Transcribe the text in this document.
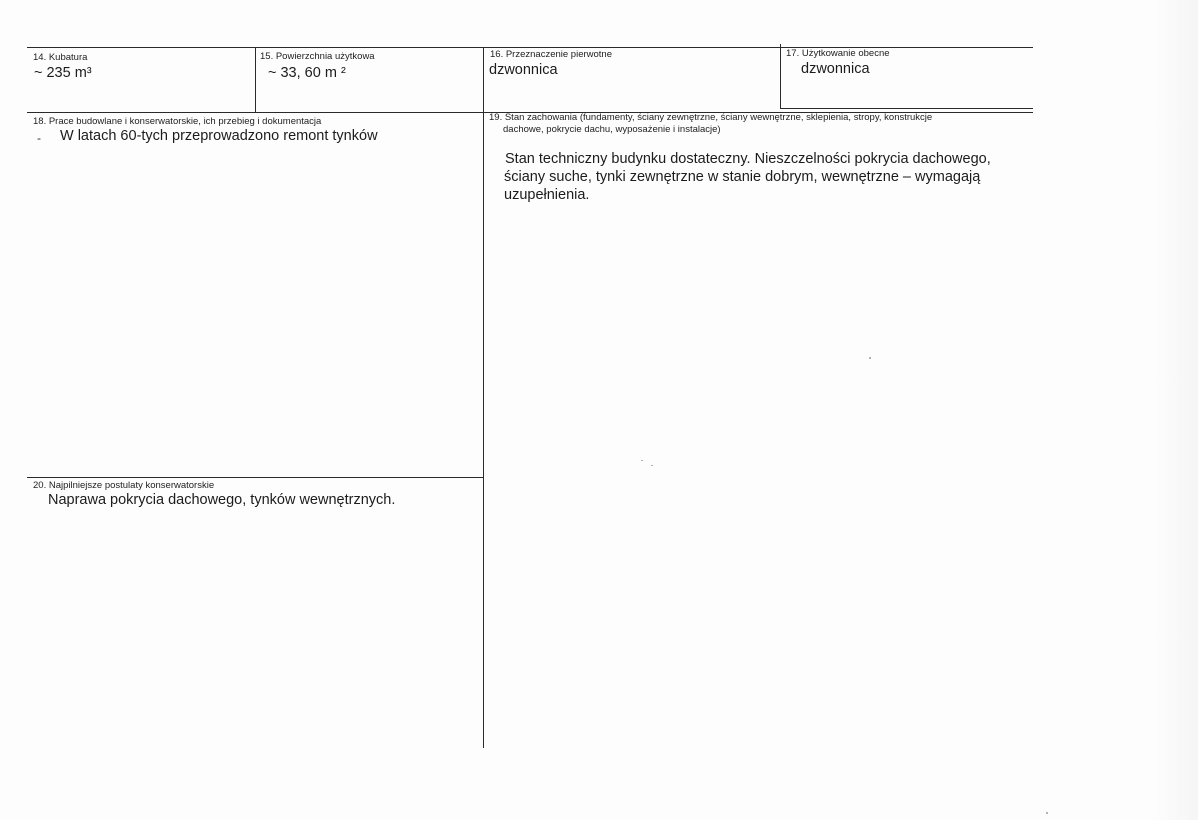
14. Kubatura
~ 235 m³
15. Powierzchnia użytkowa
~ 33, 60 m ²
16. Przeznaczenie pierwotne
dzwonnica
17. Użytkowanie obecne
dzwonnica
18. Prace budowlane i konserwatorskie, ich przebieg i dokumentacja
- W latach 60-tych przeprowadzono remont tynków
19. Stan zachowania (fundamenty, ściany zewnętrzne, ściany wewnętrzne, sklepienia, stropy, konstrukcje
dachowe, pokrycie dachu, wyposażenie i instalacje)
Stan techniczny budynku dostateczny. Nieszczelności pokrycia dachowego,
ściany suche, tynki zewnętrzne w stanie dobrym, wewnętrzne – wymagają
uzupełnienia.
20. Najpilniejsze postulaty konserwatorskie
Naprawa pokrycia dachowego, tynków wewnętrznych.
